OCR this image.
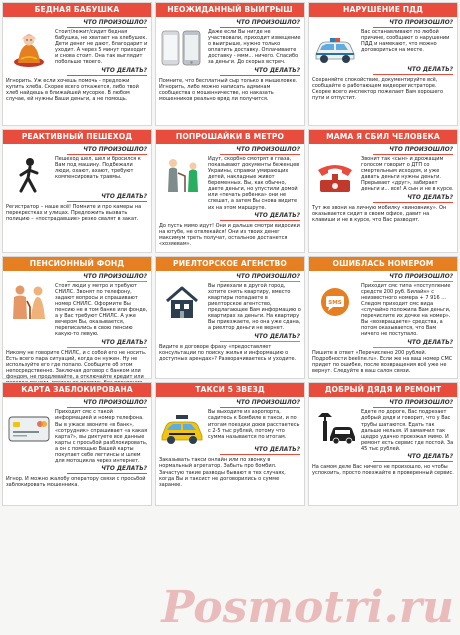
БЕДНАЯ БАБУШКА
ЧТО ПРОИЗОШЛО?
Стоит/лежит/сидит бедная бабушка, не хватает на хлебушек. Дети денег не дают, благодарит и уходит. А через 5 минут приходит и снова стоит. Она так выглядит побольше твоего.
ЧТО ДЕЛАТЬ?
Игнорить. Уж если хочешь помочь - предложи купить хлеба. Скорее всего откажется, либо твой хлеб найдешь в ближайшей мусорке. В любом случае, ей нужны Ваши деньги, а не помощь.
НЕОЖИДАННЫЙ ВЫИГРЫШ
ЧТО ПРОИЗОШЛО?
Даже если Вы нигде не участвовали, приходит извещение о выигрыше, нужно только оплатить доставку. Оплачиваете доставку - ммм... ничего. Спасибо за деньги. До скорых встреч.
ЧТО ДЕЛАТЬ?
Помните, что бесплатный сыр только в мышеловке. Игнорить, либо можно написать админам сообщества о мошенничестве, но наказать мошенников реально вряд ли получится.
НАРУШЕНИЕ ПДД
ЧТО ПРОИЗОШЛО?
Вас останавливают по любой причине, сообщают о нарушении ПДД и намекают, что можно договориться на месте.
ЧТО ДЕЛАТЬ?
Сохраняйте спокойствие, документируйте всё, сообщайте о работающем видеорегистраторе. Скорее всего инспектор пожелает Вам хорошего пути и отпустит.
РЕАКТИВНЫЙ ПЕШЕХОД
ЧТО ПРОИЗОШЛО?
Пешеход шел, шел и бросился к Вам под машину. Подбежали люди, охают, ахают, требуют компенсировать травмы.
ЧТО ДЕЛАТЬ?
Регистратор – наше всё! Помните и про камеры на перекрестках и улицах. Предложить вызвать полицию – «пострадавшие» резко свалят в закат.
ПОПРОШАЙКИ В МЕТРО
ЧТО ПРОИЗОШЛО?
Идут, скорбно смотрят в глаза, показывают документы беженцев Украины, справки умирающих детей, накладные живот беременных. Вы, как обычно, даете деньги, но упустили домой или «печать ребенка» они не спешат, а затем Вы снова видите их на этом маршруте.
ЧТО ДЕЛАТЬ?
До пусть мимо идут! Они и дальше смотри видосики на ютубе, не отвлекайся! Они из твоих денег максимум треть получат, остальное достанется «хозяевам».
МАМА Я СБИЛ ЧЕЛОВЕКА
ЧТО ПРОИЗОШЛО?
Звонит так «сын» и дрожащим голосом говорит о ДТП со смертельным исходом, и уже давать деньги нужны деньги. Прерывает «друг», забирает деньги и... все! А сын и не в курсе.
ЧТО ДЕЛАТЬ?
Тут же звони на личную мобилку «виновнику». Он оказывается сидит в своем офисе, давит на клавиши и не в курсе, что Вас разводят.
ПЕНСИОННЫЙ ФОНД
ЧТО ПРОИЗОШЛО?
Стоят люди у метро и требуют СНИЛС. Звонят по телефону, задают вопросы и спрашивают номер СНИЛС. Оформите Вы пенсию не в том банке или фонде, а у Вас требуют СНИЛС. А уже вечером Вы, оказывается, переписались в свою пенсию какую-то левую.
ЧТО ДЕЛАТЬ?
Никому не говорите СНИЛС, и с собой его не носить. Есть всего пара ситуаций, когда он нужен. Ну не используйте его где попало. Сообщите об этом непосредственно. Заключая договор с банком или фондом, не продлевайте, а отключайте кредит или
РИЕЛТОРСКОЕ АГЕНСТВО
ЧТО ПРОИЗОШЛО?
Вы приехали в другой город, хотите снять квартиру, вместо квартиры попадаете в риелторское агентство, предлагающее Вам информацию о квартирах за деньги. На квартиру Вы приезжаете, но она уже сдана, а риелтор деньги не вернет.
ЧТО ДЕЛАТЬ?
Видите в договоре фразу «предоставляет консультации по поиску жилья и информацию о доступных арендах»? Разворачиваетесь и уходите.
ОШИБЛАСЬ НОМЕРОМ
SMS
ЧТО ПРОИЗОШЛО?
Приходит смс типа «поступление средств 200 руб. Билайн» с неизвестного номера + 7 916 ... Следом приходит смс вида «случайно положила Вам деньги, перечислите их дочке на номер». Вы «возвращаете» средства, а потом оказывается, что Вам ничего не поступало.
ЧТО ДЕЛАТЬ?
Пишите в ответ «Перечислено 200 рублей. Подробности beeline.ru». Если же на ваш номер СМС придет по ошибке, после возвращения всё уже не вернут. Следуйте в ваш салон связи.
КАРТА ЗАБЛОКИРОВАНА
ЧТО ПРОИЗОШЛО?
Приходит смс с такой информацией и номер телефона. Вы в ужасе звоните «в банк», «сотрудник» спрашивает «а какая карта?», вы диктуете все данные карты с просьбой разблокировать, а он с помощью Вашей карты покупает себе леггинсы и шлем для мотоцикла через интернет.
ЧТО ДЕЛАТЬ?
Игнор. И можно жалобу оператору связи с просьбой заблокировать мошенника.
ТАКСИ 5 ЗВЕЗД
ЧТО ПРОИЗОШЛО?
Вы выходите из аэропорта, садитесь к Бомбиле в такси, и по итогам поездки доюв расстаетесь с 2-5 тыс рублей, потому что сумма называется по итогам.
ЧТО ДЕЛАТЬ?
Заказывать такси онлайн или по звонку в нормальный агрегатор. Забыть про бомбил. Зачастую такие разводы бывают в тех случаях, когда Вы и таксист не договорились о сумме заранее.
ДОБРЫЙ ДЯДЯ И РЕМОНТ
ЧТО ПРОИЗОШЛО?
Едете по дороге, Вас подрезает добрый дядя и говорит, что у Вас трубы шатаются. Едать так дальше нельзя. И замаячил так щедро удачно проезжал мимо. И ремонт есть сервис где постой. За 45 тыс рублей.
ЧТО ДЕЛАТЬ?
На самом деле Вас ничего не произошло, но чтобы успокоить, просто поезжайте в проверенный сервис.
Posmotri.ru
